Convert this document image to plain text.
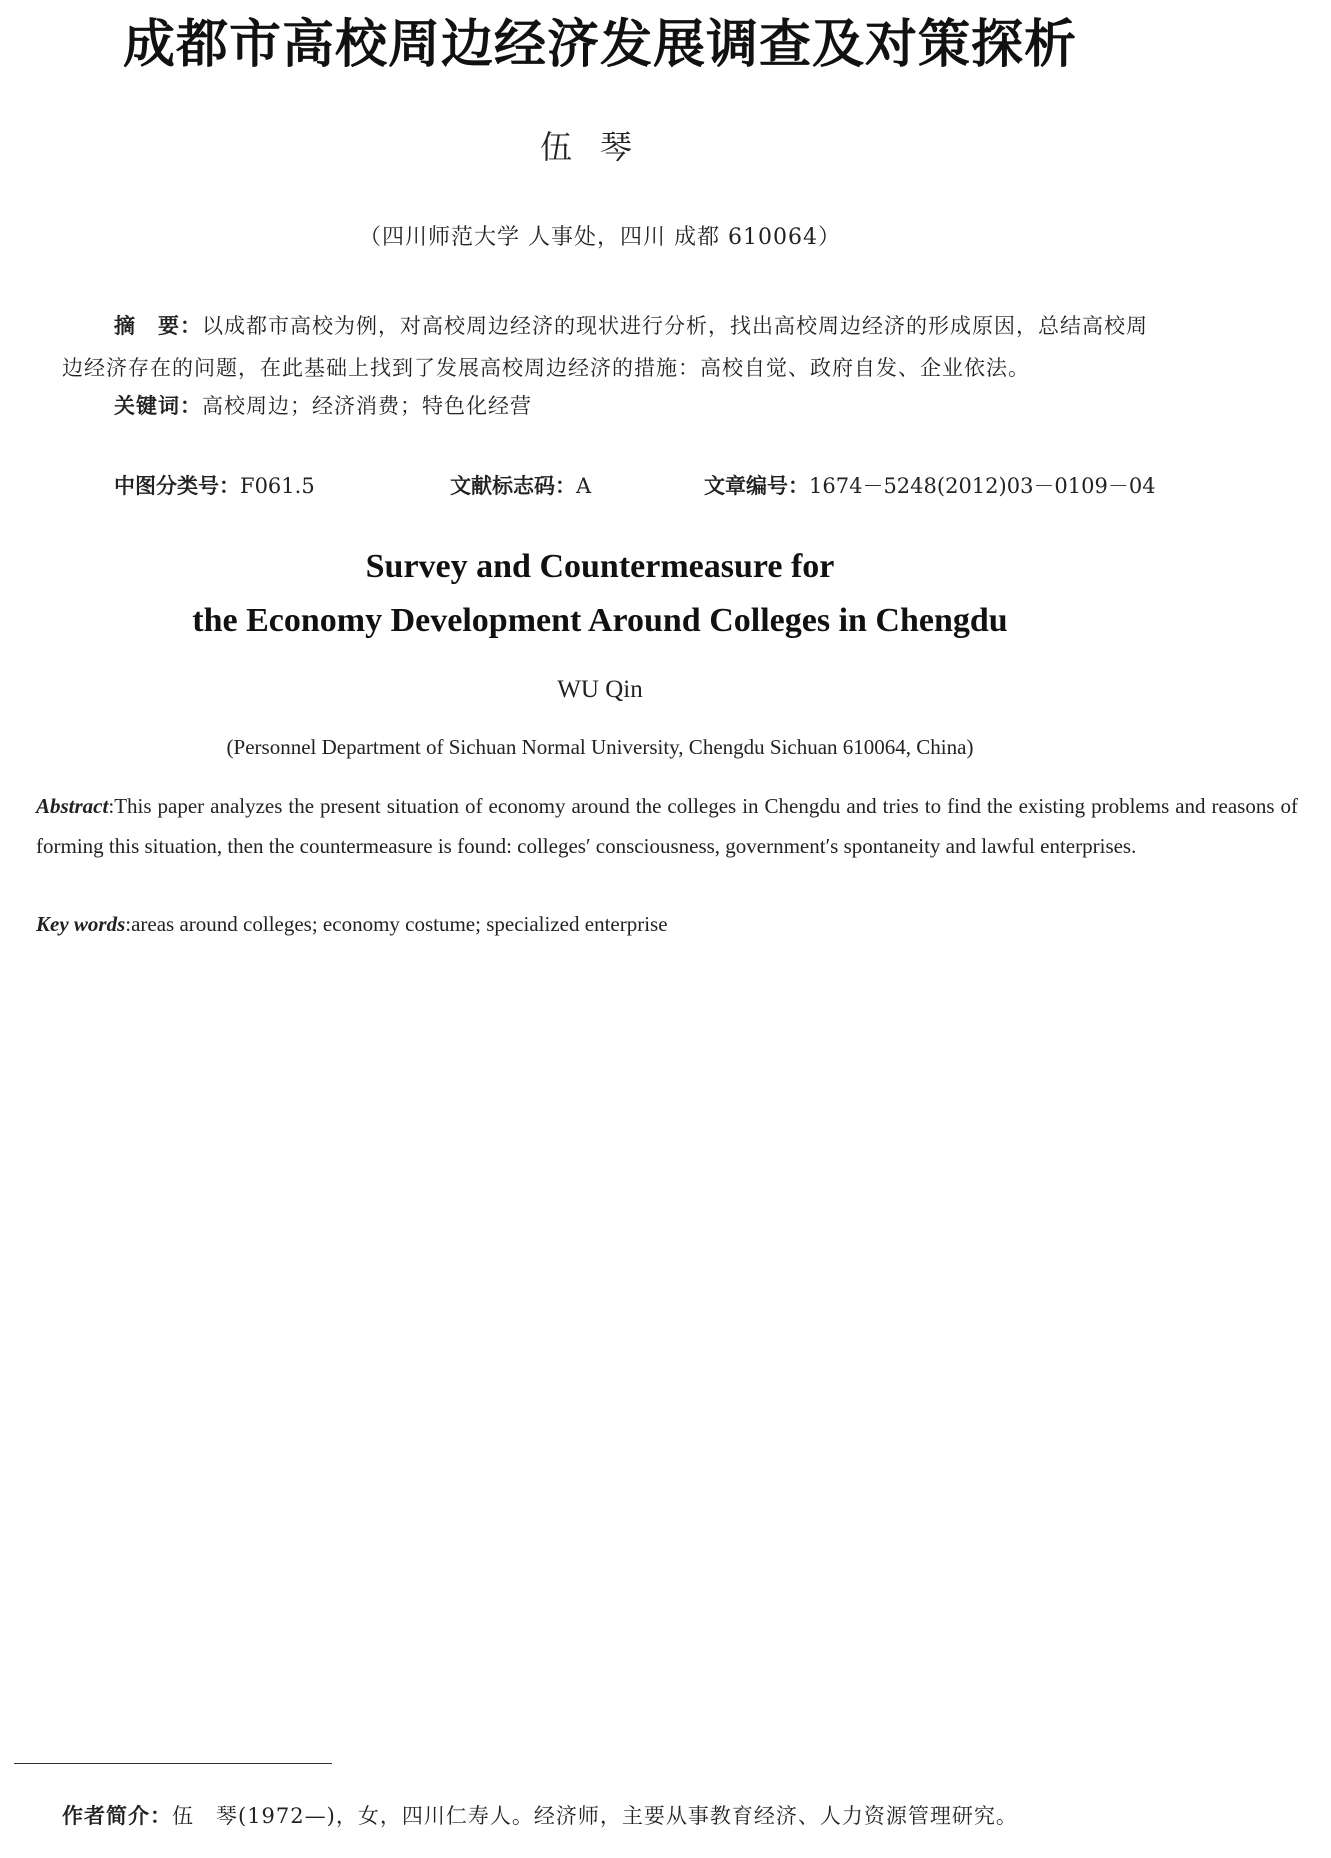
成都市高校周边经济发展调查及对策探析
伍琴
（四川师范大学 人事处，四川 成都 610064）
摘　要：以成都市高校为例，对高校周边经济的现状进行分析，找出高校周边经济的形成原因，总结高校周
边经济存在的问题，在此基础上找到了发展高校周边经济的措施：高校自觉、政府自发、企业依法。
关键词：高校周边；经济消费；特色化经营
中图分类号：F061.5	文献标志码：A	文章编号：1674－5248(2012)03－0109－04
Survey and Countermeasure for
the Economy Development Around Colleges in Chengdu
WU Qin
(Personnel Department of Sichuan Normal University, Chengdu Sichuan 610064, China)
Abstract:This paper analyzes the present situation of economy around the colleges in Chengdu and tries to find the existing problems and reasons of forming this situation, then the countermeasure is found: colleges′ consciousness, government′s spontaneity and lawful enterprises.
Key words:areas around colleges; economy costume; specialized enterprise
作者简介：伍　琴(1972—)，女，四川仁寿人。经济师，主要从事教育经济、人力资源管理研究。
